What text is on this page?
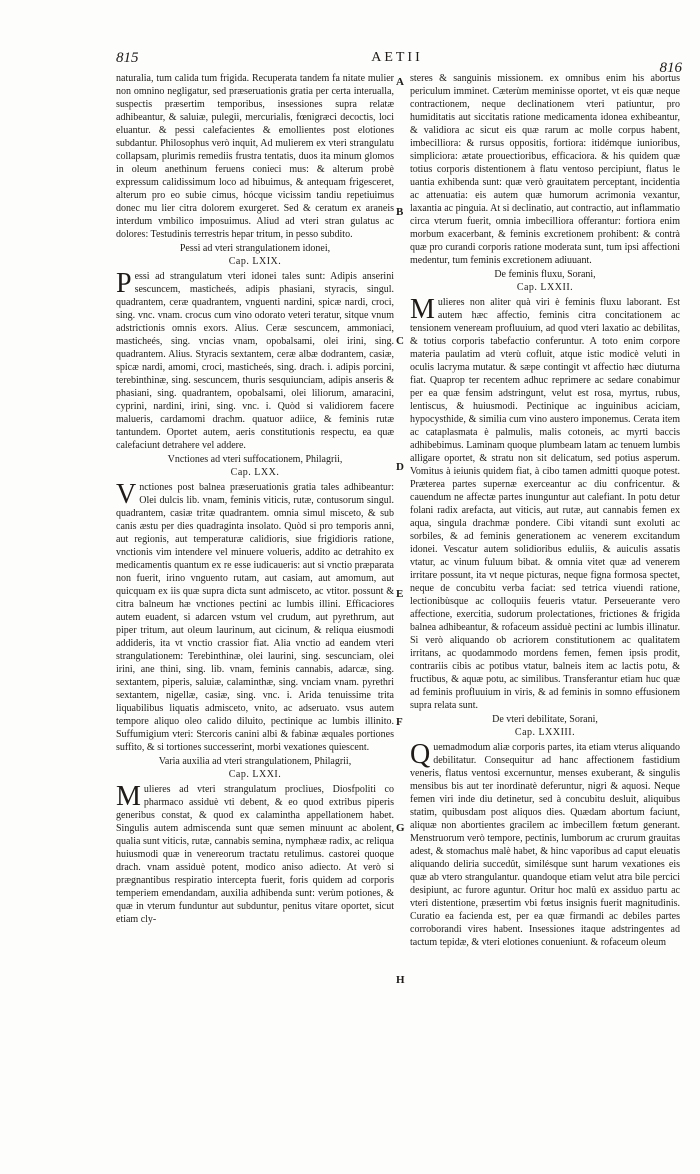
815	AETII
816
A
B
C
D
E
F
G
H

naturalia, tum calida tum frigida. Recuperata tandem fa nitate mulier non omnino negligatur, sed præseruationis gratia per certa interualla, suspectis præsertim temporibus, insessiones supra relatæ adhibeantur, & saluiæ, pulegii, mercurialis, fœnigræci decoctis, loci eluantur. & pessi calefacientes & emollientes post elotiones subdantur. Philosophus verò inquit, Ad mulierem ex vteri strangulatu collapsam, plurimis remediis frustra tentatis, duos ita minum glomos in oleum anethinum feruens conieci mus: & alterum probè expressum calidissimum loco ad hibuimus, & antequam frigesceret, alterum pro eo subie cimus, hócque vicissim tandiu repetiuimus donec mu lier citra dolorem exurgeret. Sed & ceratum ex araneis interdum vmbilico imposuimus. Aliud ad vteri stran gulatus ac dolores: Testudinis terrestris hepar tritum, in pesso subdito.

Pessi ad vteri strangulationem idonei,

Cap. LXIX.

Pessi ad strangulatum vteri idonei tales sunt: Adipis anserini sescuncem, masticheés, adipis phasiani, styracis, singul. quadrantem, ceræ quadrantem, vnguenti nardini, spicæ nardi, croci, sing. vnc. vnam. crocus cum vino odorato veteri teratur, sitque vnum adstrictionis omnis exors. Alius. Ceræ sescuncem, ammoniaci, masticheés, sing. vncias vnam, opobalsami, olei irini, sing. quadrantem. Alius. Styracis sextantem, ceræ albæ dodrantem, casiæ, spicæ nardi, amomi, croci, masticheés, sing. drach. i. adipis porcini, terebinthinæ, sing. sescuncem, thuris sesquiunciam, adipis anseris & phasiani, sing. quadrantem, opobalsami, olei liliorum, amaracini, cyprini, nardini, irini, sing. vnc. i. Quòd si validiorem facere malueris, cardamomi drachm. quatuor adiice, & feminis rutæ tantundem. Oportet autem, aeris constitutionis respectu, ea quæ calefaciunt detrahere vel addere.

Vnctiones ad vteri suffocationem, Philagrii,

Cap. LXX.

Vnctiones post balnea præseruationis gratia tales adhibeantur: Olei dulcis lib. vnam, feminis viticis, rutæ, contusorum singul. quadrantem, casiæ tritæ quadrantem. omnia simul misceto, & sub canis æstu per dies quadraginta insolato. Quòd si pro temporis anni, aut regionis, aut temperaturæ calidioris, siue frigidioris ratione, vnctionis vim intendere vel minuere volueris, addito ac detrahito ex medicamentis quantum ex re esse iudicaueris: aut si vnctio præparata non fuerit, irino vnguento rutam, aut casiam, aut amomum, aut quicquam ex iis quæ supra dicta sunt admisceto, ac vtitor. possunt & citra balneum hæ vnctiones pectini ac lumbis illini. Efficaciores autem euadent, si adarcen vstum vel crudum, aut pyrethrum, aut piper tritum, aut oleum laurinum, aut cicinum, & reliqua eiusmodi addideris, ita vt vnctio crassior fiat. Alia vnctio ad eandem vteri strangulationem: Terebinthinæ, olei laurini, sing. sescunciam, olei irini, ane thini, sing. lib. vnam, feminis cannabis, adarcæ, sing. sextantem, piperis, saluiæ, calaminthæ, sing. vnciam vnam. pyrethri sextantem, nigellæ, casiæ, sing. vnc. i. Arida tenuissime trita liquabilibus liquatis admisceto, vnito, ac adseruato. vsus autem tempore aliquo oleo calido diluito, pectinique ac lumbis illinito. Suffumigium vteri: Stercoris canini albi & fabinæ æquales portiones suffito, & si tortiones successerint, morbi vexationes quiescent.

Varia auxilia ad vteri strangulationem, Philagrii,

Cap. LXXI.

Mulieres ad vteri strangulatum procliues, Diosfpoliti co pharmaco assiduè vti debent, & eo quod extribus piperis generibus constat, & quod ex calamintha appellationem habet. Singulis autem admiscenda sunt quæ semen minuunt ac abolent, qualia sunt viticis, rutæ, cannabis semina, nymphææ radix, ac reliqua huiusmodi quæ in venereorum tractatu retulimus. castorei quoque drach. vnam assiduè potent, modico aniso adiecto. At verò si prægnantibus respiratio intercepta fuerit, foris quidem ad corporis temperiem emendandam, auxilia adhibenda sunt: verùm potiones, & quæ in vterum funduntur aut subduntur, penitus vitare oportet, sicut etiam cly-

steres & sanguinis missionem. ex omnibus enim his abortus periculum imminet. Cæterùm meminisse oportet, vt eis quæ neque contractionem, neque declinationem vteri patiuntur, pro humiditatis aut siccitatis ratione medicamenta idonea exhibeantur, & validiora ac sicut eis quæ rarum ac molle corpus habent, imbecilliora: & rursus oppositis, fortiora: itidémque iunioribus, simpliciora: ætate prouectioribus, efficaciora. & his quidem quæ totius corporis distentionem à flatu ventoso percipiunt, flatus le uantia exhibenda sunt: quæ verò grauitatem perceptant, incidentia ac attenuatia: eis autem quæ humorum acrimonia vexantur, laxantia ac pinguia. At si declinatio, aut contractio, aut inflammatio circa vterum fuerit, omnia imbecilliora offerantur: fortiora enim morbum exacerbant, & feminis excretionem prohibent: & contrà quæ pro curandi corporis ratione moderata sunt, tum ipsi affectioni medentur, tum feminis excretionem adiuuant.

De feminis fluxu, Sorani,

Cap. LXXII.

Mulieres non aliter quà viri è feminis fluxu laborant. Est autem hæc affectio, feminis citra concitationem ac tensionem veneream profluuium, ad quod vteri laxatio ac debilitas, & totius corporis tabefactio conferuntur. A toto enim corpore materia paulatim ad vterù cofluit, atque istic modicè veluti in oculis lacryma mutatur. & sæpe contingit vt affectio hæc diuturna fiat. Quaprop ter recentem adhuc reprimere ac sedare conabimur per ea quæ fensim adstringunt, velut est rosa, myrtus, rubus, lentiscus, & huiusmodi. Pectinique ac inguinibus aciciam, hypocysthide, & similia cum vino austero imponemus. Cerata item ac cataplasmata è palmulis, malis cotoneis, ac myrti baccis adhibebimus. Laminam quoque plumbeam latam ac tenuem lumbis alligare oportet, & stratu non sit delicatum, sed potius asperum. Vomitus à ieiunis quidem fiat, à cibo tamen admitti quoque potest. Præterea partes supernæ exerceantur ac diu confricentur. & cauendum ne affectæ partes inunguntur aut calefiant. In potu detur folani radix arefacta, aut viticis, aut rutæ, aut cannabis femen ex aqua, singula drachmæ pondere. Cibi vitandi sunt exoluti ac sorbiles, & ad feminis generationem ac venerem excitandum idonei. Vescatur autem solidioribus eduliis, & auiculis assatis vtatur, ac vinum fuluum bibat. & omnia vitet quæ ad venerem irritare possunt, ita vt neque picturas, neque figna formosa spectet, neque de concubitu verba faciat: sed tetrica viuendi ratione, lectionibùsque ac colloquiis feueris vtatur. Perseuerante vero affectione, exercitia, sudorum prolectationes, frictiones & frigida balnea adhibeantur, & rofaceum assiduè pectini ac lumbis illinatur. Si verò aliquando ob acriorem constitutionem ac qualitatem irritans, ac quodammodo mordens femen, femen ipsis prodit, contrariis cibis ac potibus vtatur, balneis item ac lactis potu, & fructibus, & aquæ potu, ac similibus. Transferantur etiam huc quæ ad feminis profluuium in viris, & ad feminis in somno effusionem supra relata sunt.

De vteri debilitate, Sorani,

Cap. LXXIII.

Quemadmodum aliæ corporis partes, ita etiam vterus aliquando debilitatur. Consequitur ad hanc affectionem fastidium veneris, flatus ventosi excernuntur, menses exuberant, & singulis mensibus bis aut ter inordinatè deferuntur, nigri & aquosi. Neque femen viri inde diu detinetur, sed à concubitu desluit, aliquibus statim, quibusdam post aliquos dies. Quædam abortum faciunt, aliquæ non abortientes gracilem ac imbecillem fœtum generant. Menstruorum verò tempore, pectinis, lumborum ac crurum grauitas adest, & stomachus malè habet, & hinc vaporibus ad caput eleuatis aliquando deliria succedût, similésque sunt harum vexationes eis quæ ab vtero strangulantur. quandoque etiam velut atra bile percici desipiunt, ac furore aguntur. Oritur hoc malû ex assiduo partu ac vteri distentione, præsertim vbi fœtus insignis fuerit magnitudinis. Curatio ea facienda est, per ea quæ firmandi ac debiles partes corroborandi vires habent. Insessiones itaque adstringentes ad tactum tepidæ, & vteri elotiones conueniunt. & rofaceum oleum
